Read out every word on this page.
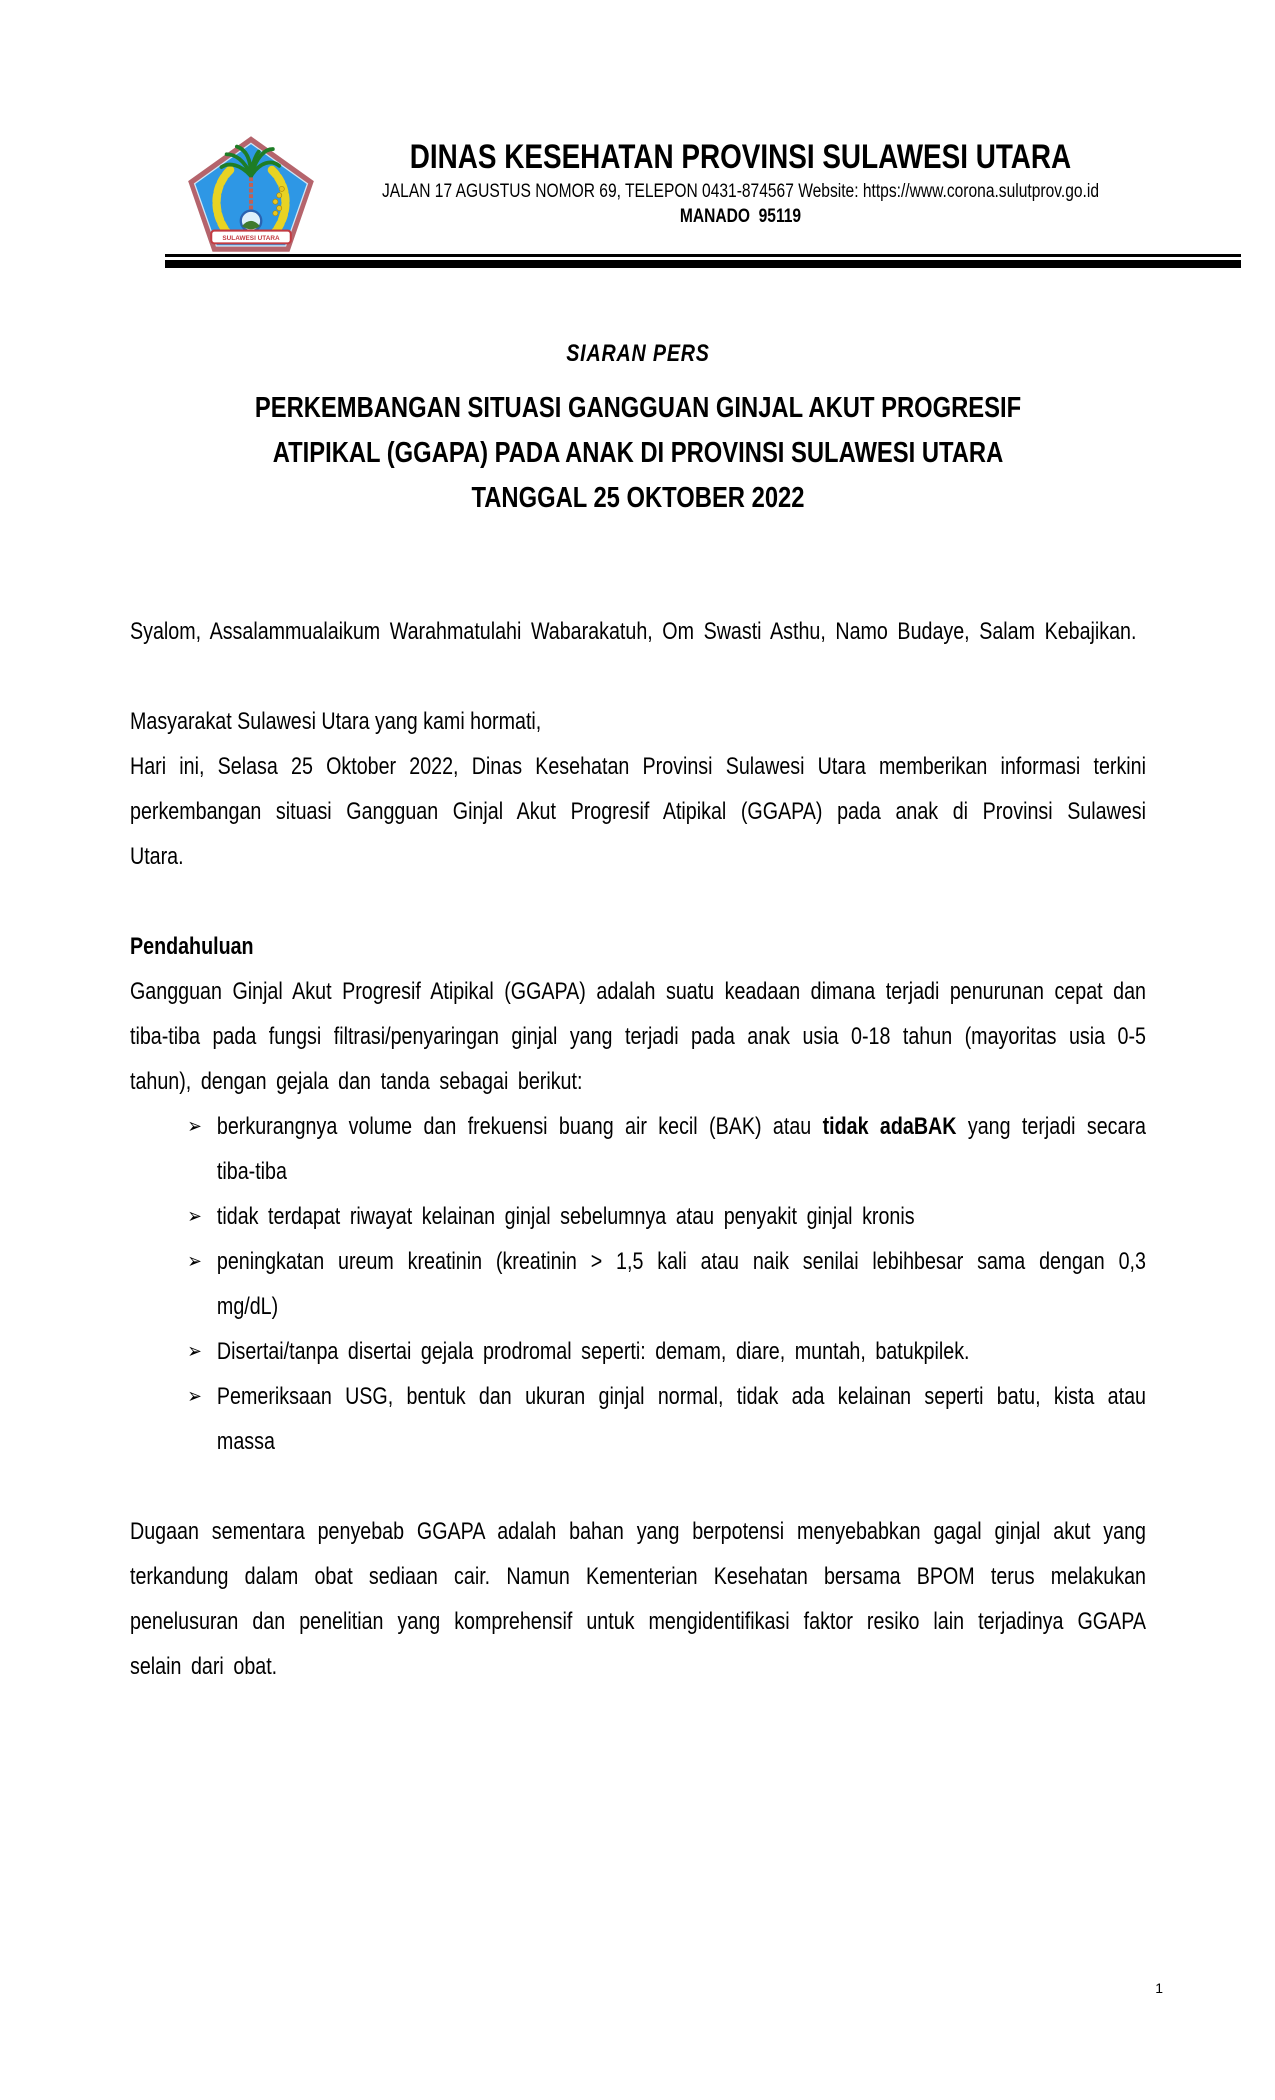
SULAWESI UTARA
DINAS KESEHATAN PROVINSI SULAWESI UTARA
JALAN 17 AGUSTUS NOMOR 69, TELEPON 0431-874567 Website: https://www.corona.sulutprov.go.id
MANADO  95119
SIARAN PERS
PERKEMBANGAN SITUASI GANGGUAN GINJAL AKUT PROGRESIF
ATIPIKAL (GGAPA) PADA ANAK DI PROVINSI SULAWESI UTARA
TANGGAL 25 OKTOBER 2022

Syalom, Assalammualaikum Warahmatulahi Wabarakatuh, Om Swasti Asthu, Namo Budaye, Salam Kebajikan.

Masyarakat Sulawesi Utara yang kami hormati,

Hari ini, Selasa 25 Oktober 2022, Dinas Kesehatan Provinsi Sulawesi Utara memberikan informasi terkini perkembangan situasi Gangguan Ginjal Akut Progresif Atipikal (GGAPA) pada anak di Provinsi Sulawesi Utara.

Pendahuluan

Gangguan Ginjal Akut Progresif Atipikal (GGAPA) adalah suatu keadaan dimana terjadi penurunan cepat dan tiba-tiba pada fungsi filtrasi/penyaringan ginjal yang terjadi pada anak usia 0-18 tahun (mayoritas usia 0-5 tahun), dengan gejala dan tanda sebagai berikut:

➢ berkurangnya volume dan frekuensi buang air kecil (BAK) atau tidak adaBAK yang terjadi secara tiba-tiba
➢ tidak terdapat riwayat kelainan ginjal sebelumnya atau penyakit ginjal kronis
➢ peningkatan ureum kreatinin (kreatinin > 1,5 kali atau naik senilai lebihbesar sama dengan 0,3 mg/dL)
➢ Disertai/tanpa disertai gejala prodromal seperti: demam, diare, muntah, batukpilek.
➢ Pemeriksaan USG, bentuk dan ukuran ginjal normal, tidak ada kelainan seperti batu, kista atau massa

Dugaan sementara penyebab GGAPA adalah bahan yang berpotensi menyebabkan gagal ginjal akut yang terkandung dalam obat sediaan cair. Namun Kementerian Kesehatan bersama BPOM terus melakukan penelusuran dan penelitian yang komprehensif untuk mengidentifikasi faktor resiko lain terjadinya GGAPA selain dari obat.

1
